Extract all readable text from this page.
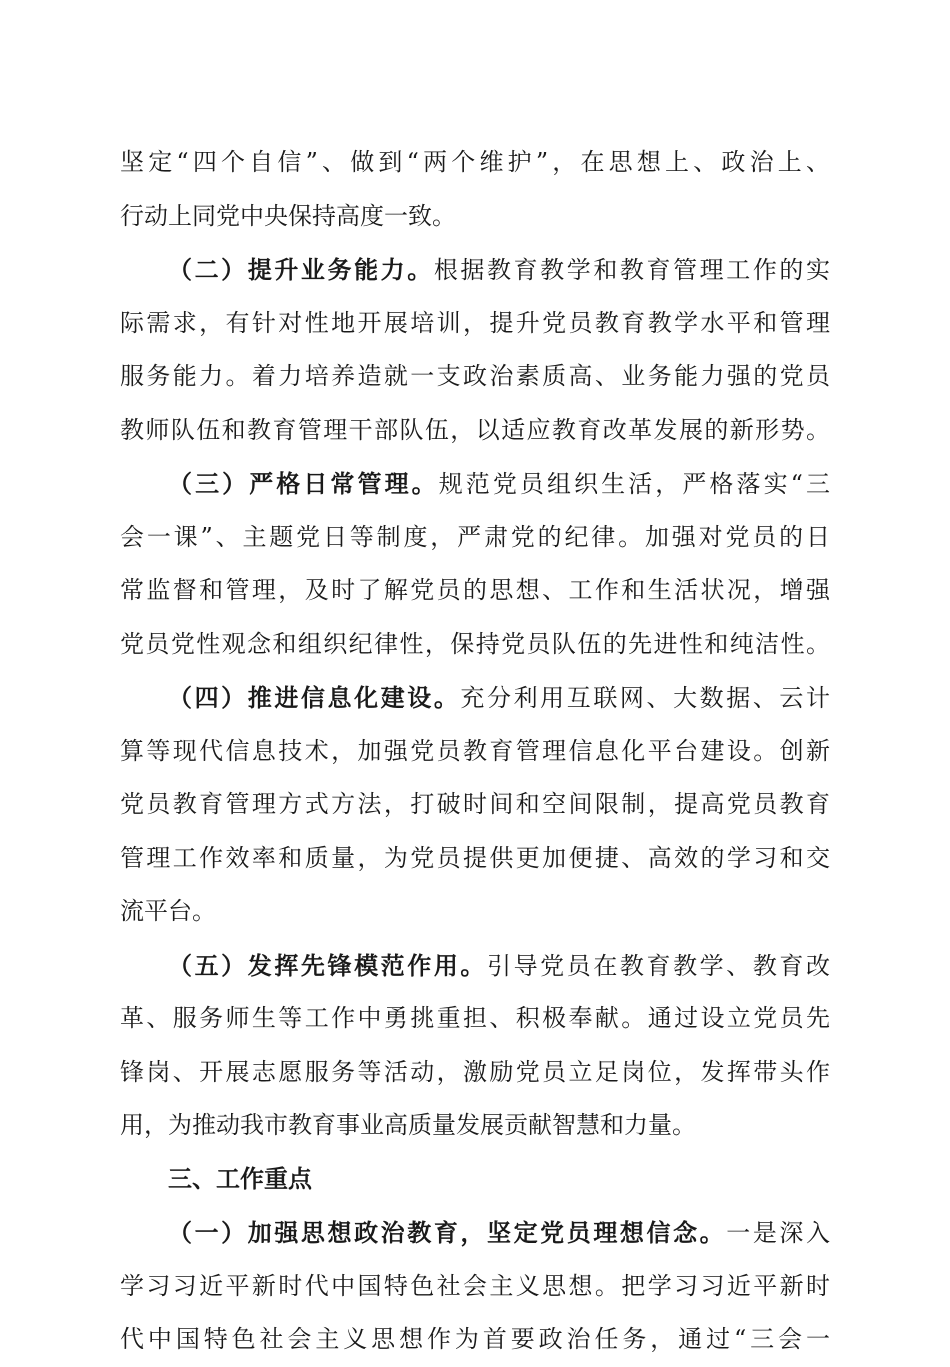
坚定“四个自信”、做到“两个维护”，在思想上、政治上、
行动上同党中央保持高度一致。
（二）提升业务能力。根据教育教学和教育管理工作的实
际需求，有针对性地开展培训，提升党员教育教学水平和管理
服务能力。着力培养造就一支政治素质高、业务能力强的党员
教师队伍和教育管理干部队伍，以适应教育改革发展的新形势。
（三）严格日常管理。规范党员组织生活，严格落实“三
会一课”、主题党日等制度，严肃党的纪律。加强对党员的日
常监督和管理，及时了解党员的思想、工作和生活状况，增强
党员党性观念和组织纪律性，保持党员队伍的先进性和纯洁性。
（四）推进信息化建设。充分利用互联网、大数据、云计
算等现代信息技术，加强党员教育管理信息化平台建设。创新
党员教育管理方式方法，打破时间和空间限制，提高党员教育
管理工作效率和质量，为党员提供更加便捷、高效的学习和交
流平台。
（五）发挥先锋模范作用。引导党员在教育教学、教育改
革、服务师生等工作中勇挑重担、积极奉献。通过设立党员先
锋岗、开展志愿服务等活动，激励党员立足岗位，发挥带头作
用，为推动我市教育事业高质量发展贡献智慧和力量。
三、工作重点
（一）加强思想政治教育，坚定党员理想信念。一是深入
学习习近平新时代中国特色社会主义思想。把学习习近平新时
代中国特色社会主义思想作为首要政治任务，通过“三会一
